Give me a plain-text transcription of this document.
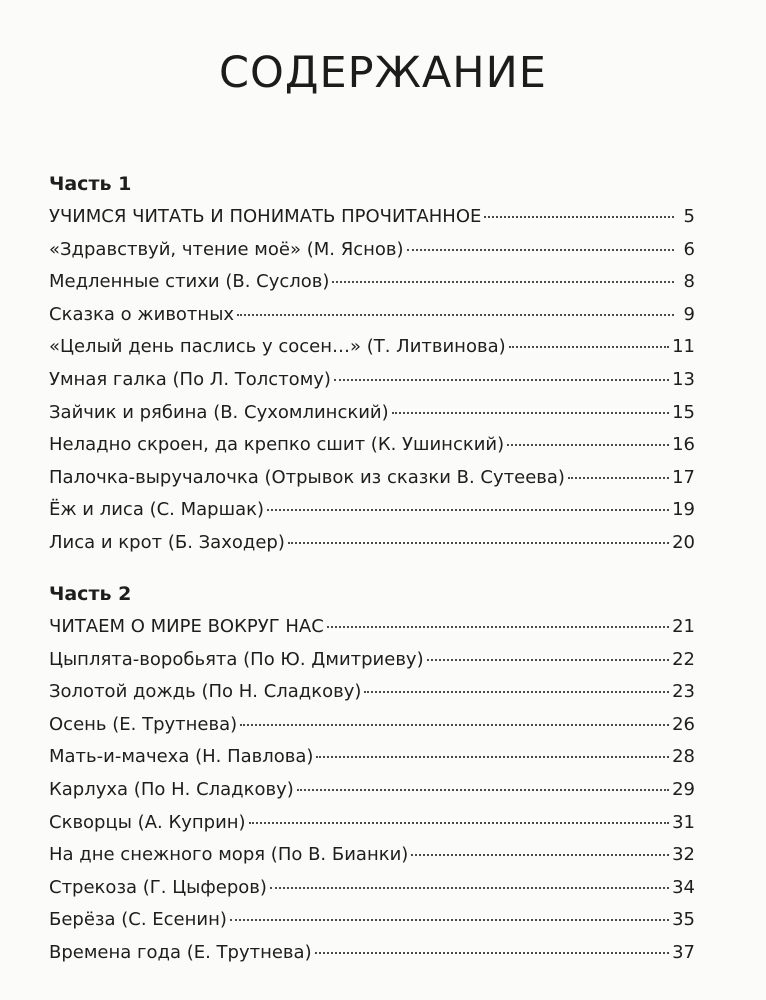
СОДЕРЖАНИЕ
Часть 1
УЧИМСЯ ЧИТАТЬ И ПОНИМАТЬ ПРОЧИТАННОЕ	5
«Здравствуй, чтение моё» (М. Яснов)	6
Медленные стихи (В. Суслов)	8
Сказка о животных	9
«Целый день паслись у сосен…» (Т. Литвинова)	11
Умная галка (По Л. Толстому)	13
Зайчик и рябина (В. Сухомлинский)	15
Неладно скроен, да крепко сшит (К. Ушинский)	16
Палочка-выручалочка (Отрывок из сказки В. Сутеева)	17
Ёж и лиса (С. Маршак)	19
Лиса и крот (Б. Заходер)	20
Часть 2
ЧИТАЕМ О МИРЕ ВОКРУГ НАС	21
Цыплята-воробьята (По Ю. Дмитриеву)	22
Золотой дождь (По Н. Сладкову)	23
Осень (Е. Трутнева)	26
Мать-и-мачеха (Н. Павлова)	28
Карлуха (По Н. Сладкову)	29
Скворцы (А. Куприн)	31
На дне снежного моря (По В. Бианки)	32
Стрекоза (Г. Цыферов)	34
Берёза (С. Есенин)	35
Времена года (Е. Трутнева)	37
